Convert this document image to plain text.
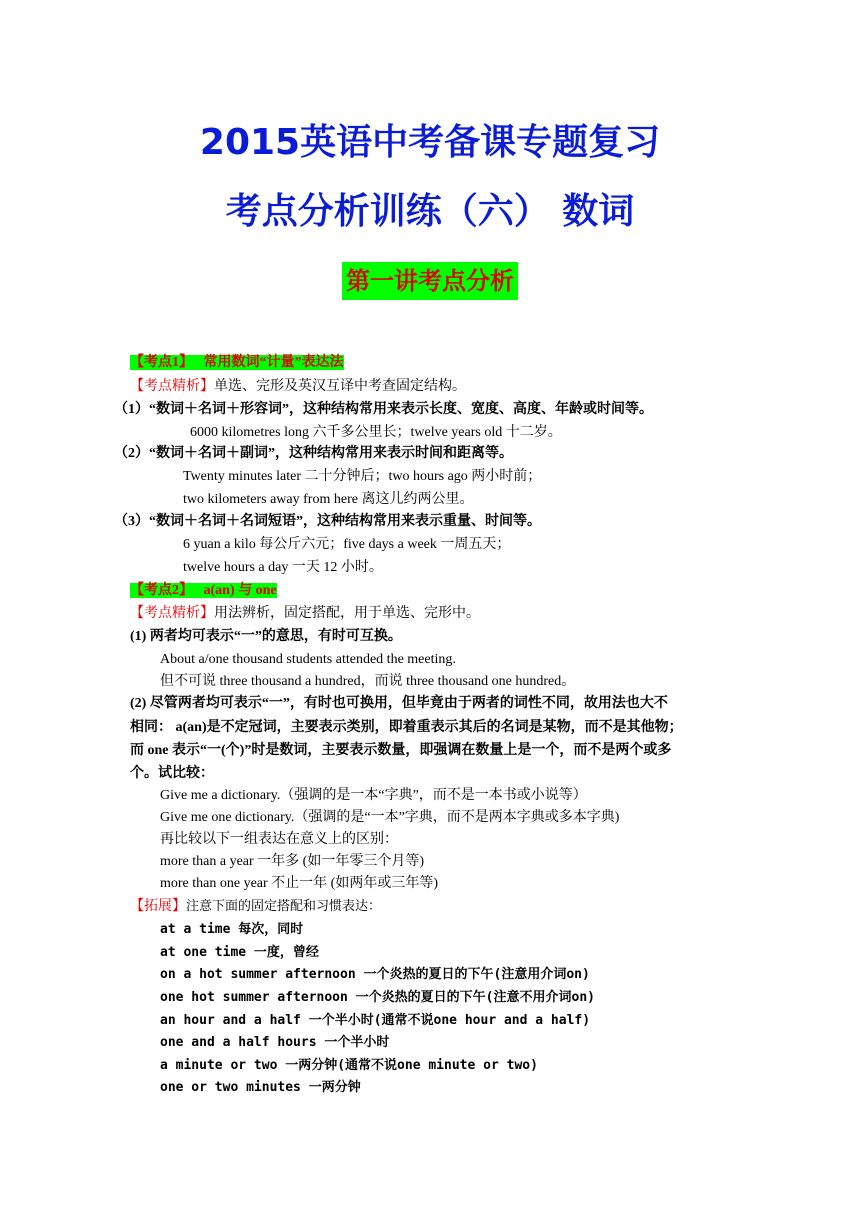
2015英语中考备课专题复习
考点分析训练（六） 数词
第一讲考点分析
【考点1】 常用数词“计量”表达法
【考点精析】单选、完形及英汉互译中考查固定结构。
（1）“数词＋名词＋形容词”，这种结构常用来表示长度、宽度、高度、年龄或时间等。
6000 kilometres long 六千多公里长；twelve years old 十二岁。
（2）“数词＋名词＋副词”，这种结构常用来表示时间和距离等。
Twenty minutes later 二十分钟后；two hours ago 两小时前；
two kilometers away from here 离这儿约两公里。
（3）“数词＋名词＋名词短语”，这种结构常用来表示重量、时间等。
6 yuan a kilo 每公斤六元；five days a week 一周五天；
twelve hours a day 一天 12 小时。
【考点2】 a(an) 与 one
【考点精析】用法辨析，固定搭配，用于单选、完形中。
(1) 两者均可表示“一”的意思，有时可互换。
About a/one thousand students attended the meeting.
但不可说 three thousand a hundred，而说 three thousand one hundred。
(2) 尽管两者均可表示“一”，有时也可换用，但毕竟由于两者的词性不同，故用法也大不
相同： a(an)是不定冠词，主要表示类别，即着重表示其后的名词是某物，而不是其他物；
而 one 表示“一(个)”时是数词，主要表示数量，即强调在数量上是一个，而不是两个或多
个。试比较：
Give me a dictionary.（强调的是一本“字典”，而不是一本书或小说等）
Give me one dictionary.（强调的是“一本”字典，而不是两本字典或多本字典)
再比较以下一组表达在意义上的区别：
more than a year 一年多 (如一年零三个月等)
more than one year 不止一年 (如两年或三年等)
【拓展】注意下面的固定搭配和习惯表达：
at a time 每次，同时
at one time 一度，曾经
on a hot summer afternoon 一个炎热的夏日的下午(注意用介词on)
one hot summer afternoon 一个炎热的夏日的下午(注意不用介词on)
an hour and a half 一个半小时(通常不说one hour and a half)
one and a half hours 一个半小时
a minute or two 一两分钟(通常不说one minute or two)
one or two minutes 一两分钟
